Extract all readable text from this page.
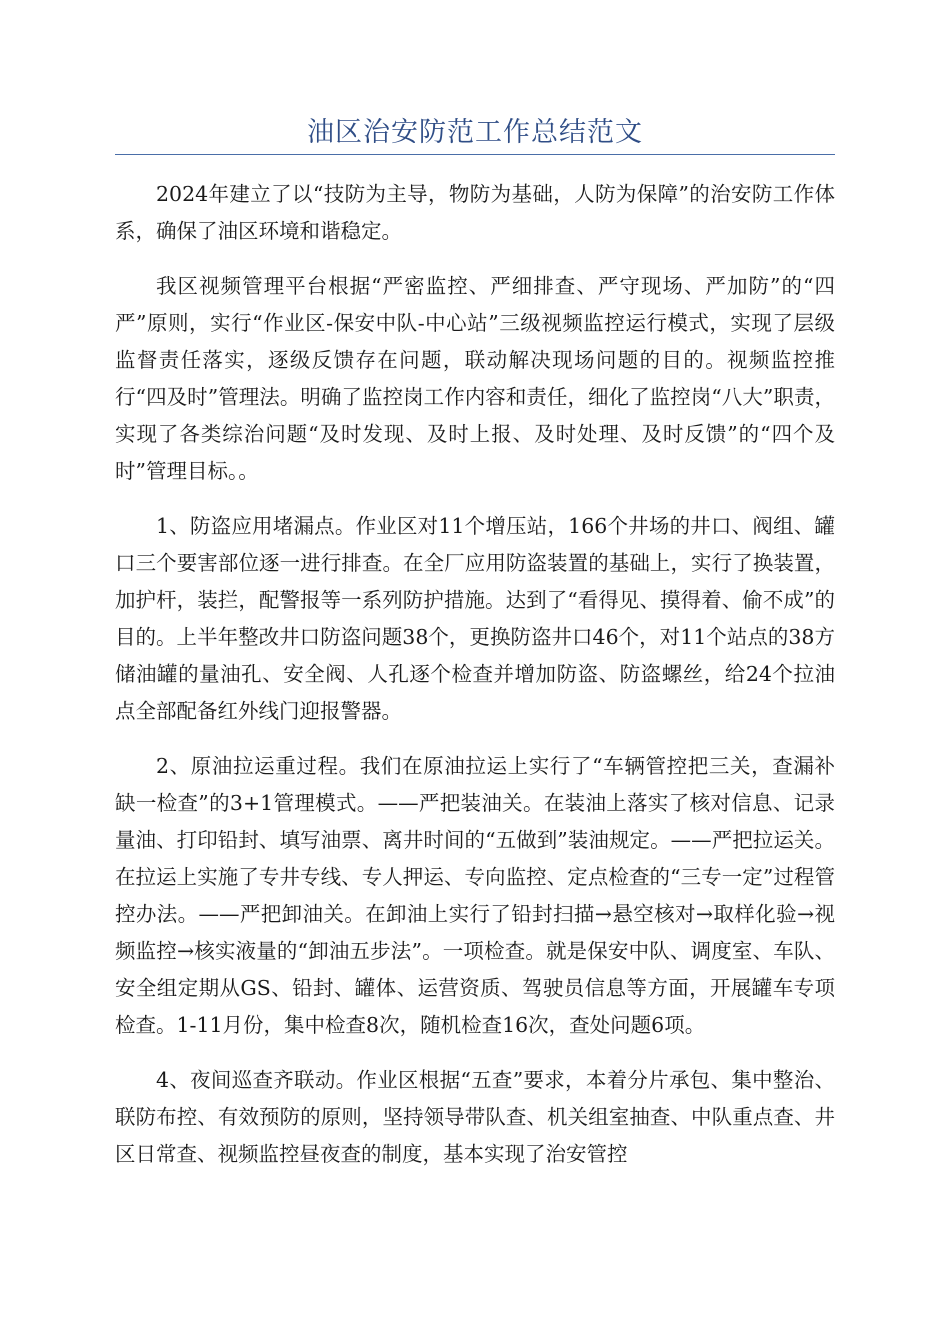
油区治安防范工作总结范文

2024年建立了以“技防为主导，物防为基础，人防为保障”的治安防工作体系，确保了油区环境和谐稳定。

我区视频管理平台根据“严密监控、严细排查、严守现场、严加防”的“四严”原则，实行“作业区-保安中队-中心站”三级视频监控运行模式，实现了层级监督责任落实，逐级反馈存在问题，联动解决现场问题的目的。视频监控推行“四及时”管理法。明确了监控岗工作内容和责任，细化了监控岗“八大”职责，实现了各类综治问题“及时发现、及时上报、及时处理、及时反馈”的“四个及时”管理目标。。

1、防盗应用堵漏点。作业区对11个增压站，166个井场的井口、阀组、罐口三个要害部位逐一进行排查。在全厂应用防盗装置的基础上，实行了换装置，加护杆，装拦，配警报等一系列防护措施。达到了“看得见、摸得着、偷不成”的目的。上半年整改井口防盗问题38个，更换防盗井口46个，对11个站点的38方储油罐的量油孔、安全阀、人孔逐个检查并增加防盗、防盗螺丝，给24个拉油点全部配备红外线门迎报警器。

2、原油拉运重过程。我们在原油拉运上实行了“车辆管控把三关，查漏补缺一检查”的3+1管理模式。——严把装油关。在装油上落实了核对信息、记录量油、打印铅封、填写油票、离井时间的“五做到”装油规定。——严把拉运关。在拉运上实施了专井专线、专人押运、专向监控、定点检查的“三专一定”过程管控办法。——严把卸油关。在卸油上实行了铅封扫描→悬空核对→取样化验→视频监控→核实液量的“卸油五步法”。一项检查。就是保安中队、调度室、车队、安全组定期从GS、铅封、罐体、运营资质、驾驶员信息等方面，开展罐车专项检查。1-11月份，集中检查8次，随机检查16次，查处问题6项。

4、夜间巡查齐联动。作业区根据“五查”要求，本着分片承包、集中整治、联防布控、有效预防的原则，坚持领导带队查、机关组室抽查、中队重点查、井区日常查、视频监控昼夜查的制度，基本实现了治安管控
